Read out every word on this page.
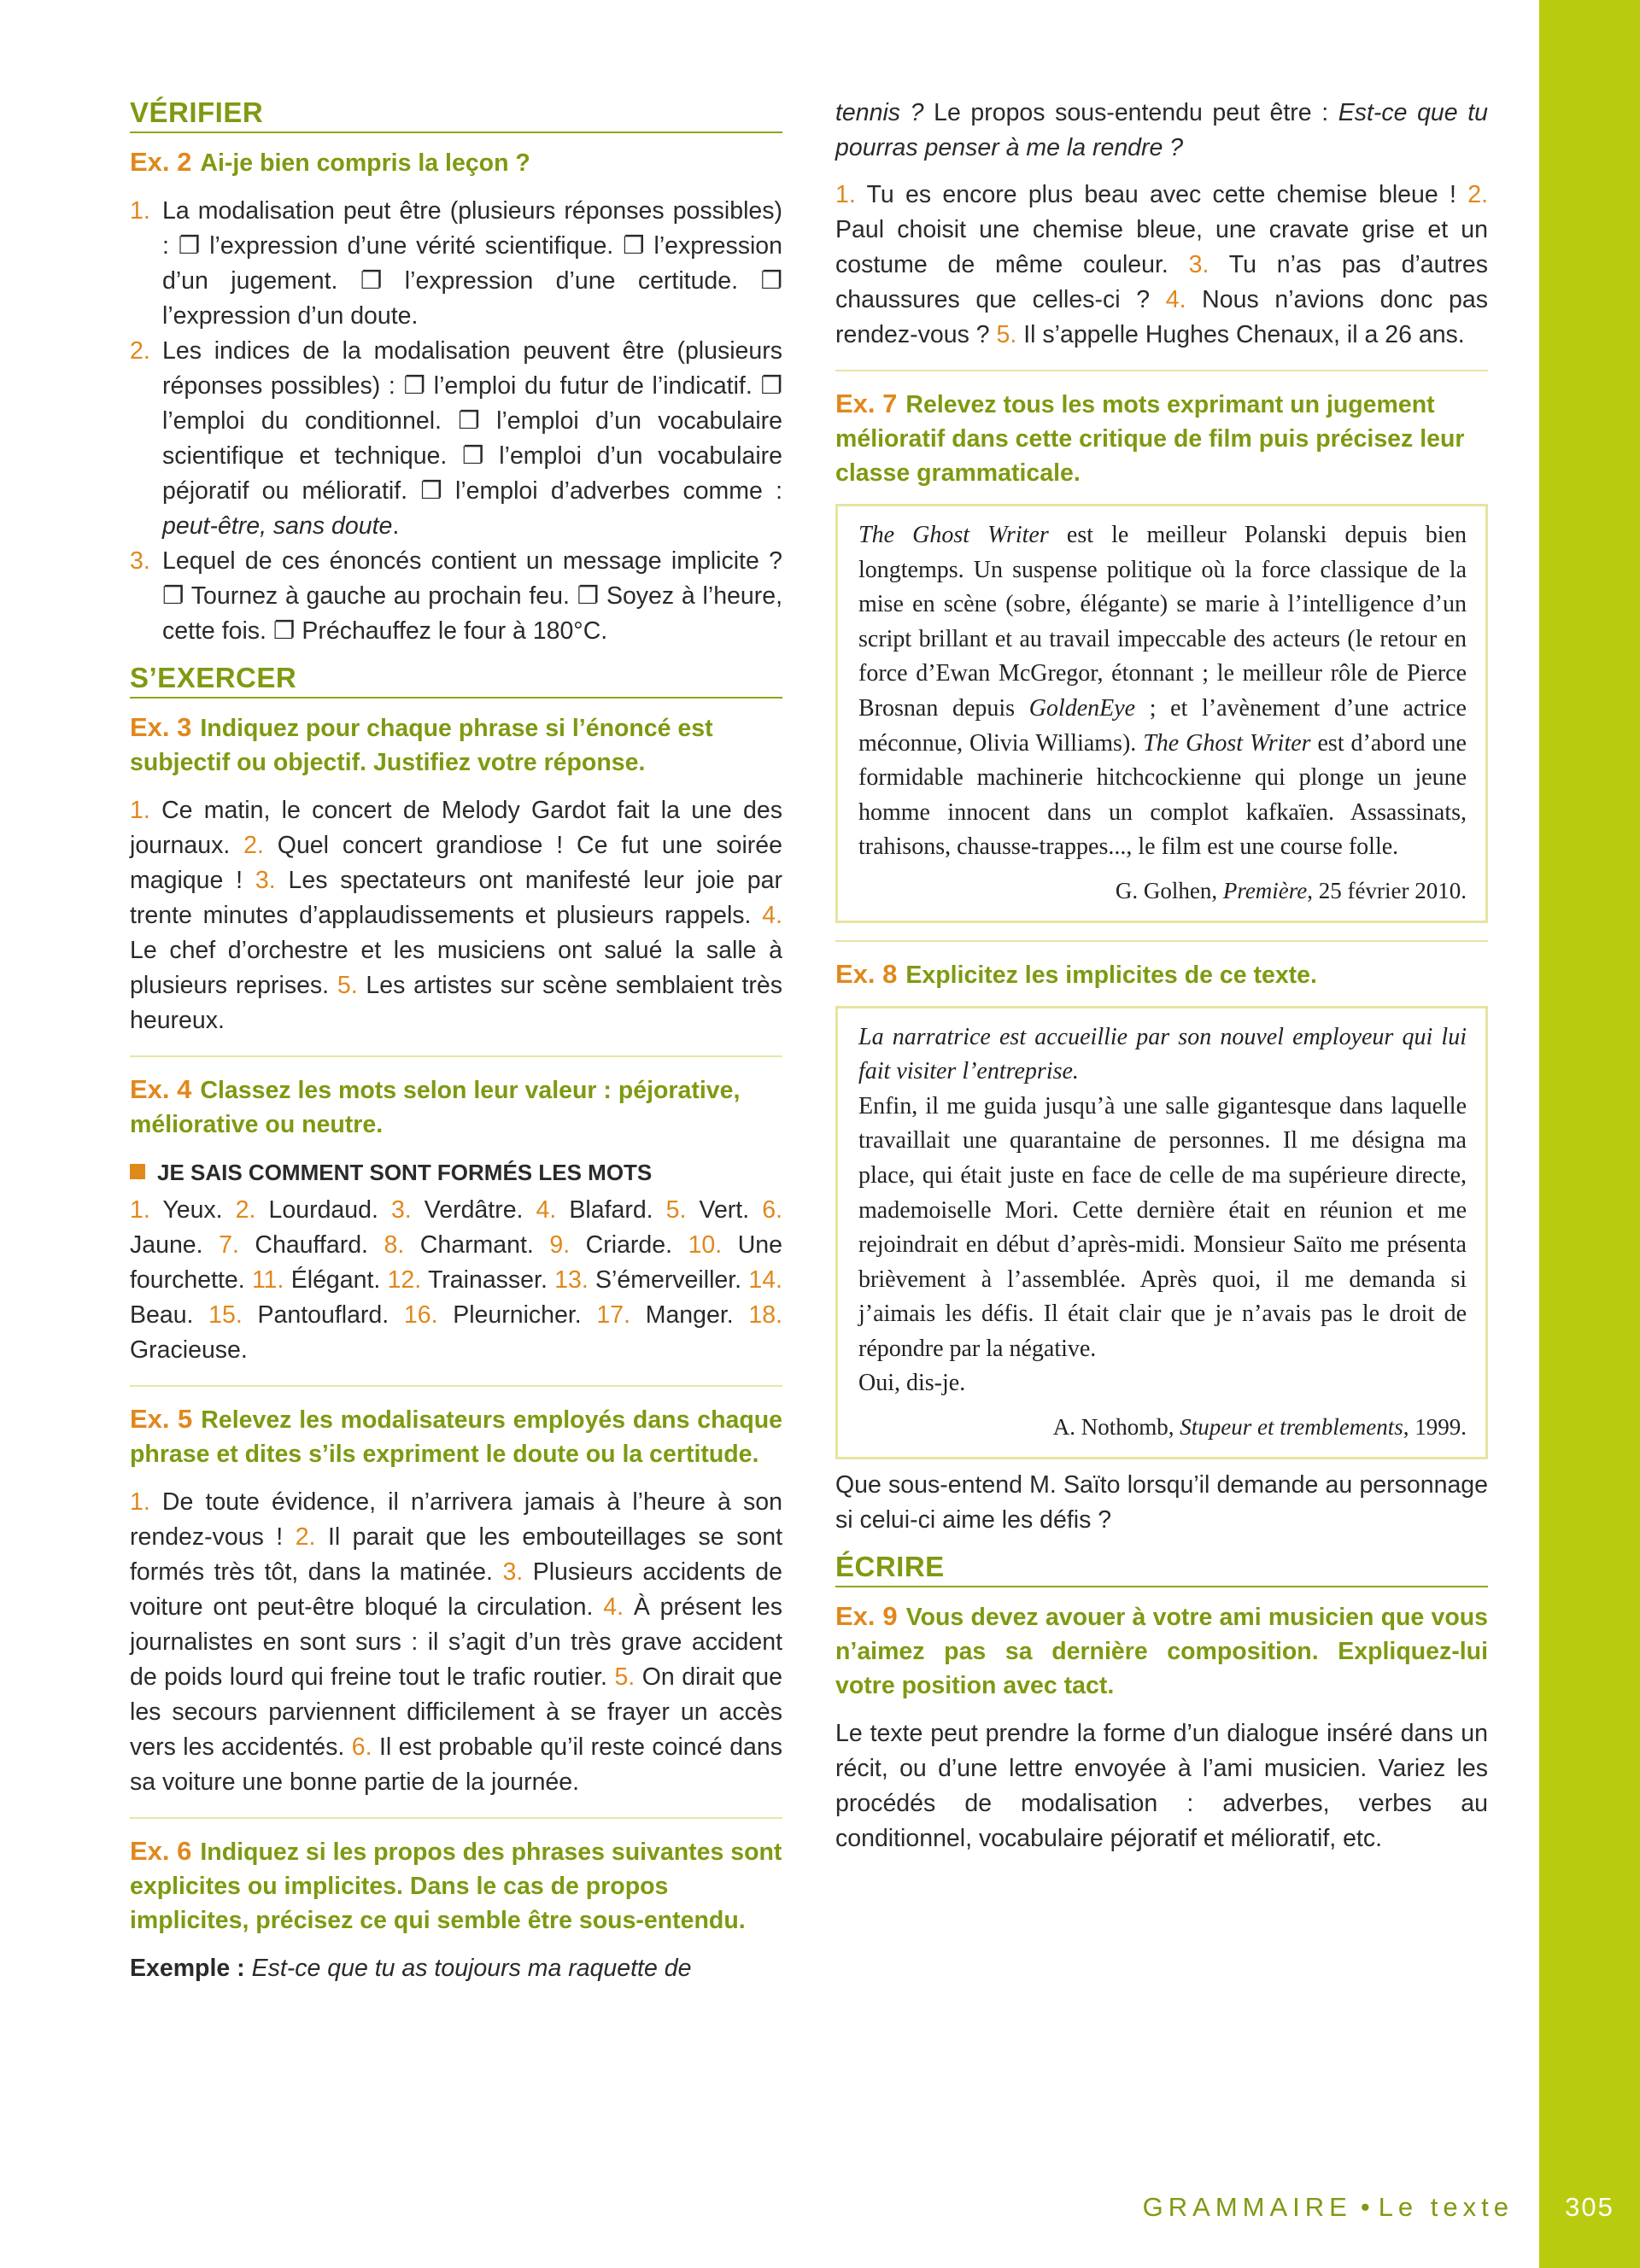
VÉRIFIER
Ex. 2 Ai-je bien compris la leçon ?
1. La modalisation peut être (plusieurs réponses possibles) : ❐ l’expression d’une vérité scientifique. ❐ l’expression d’un jugement. ❐ l’expression d’une certitude. ❐ l’expression d’un doute.
2. Les indices de la modalisation peuvent être (plusieurs réponses possibles) : ❐ l’emploi du futur de l’indicatif. ❐ l’emploi du conditionnel. ❐ l’emploi d’un vocabulaire scientifique et technique. ❐ l’emploi d’un vocabulaire péjoratif ou mélioratif. ❐ l’emploi d’adverbes comme : peut-être, sans doute.
3. Lequel de ces énoncés contient un message implicite ? ❐ Tournez à gauche au prochain feu. ❐ Soyez à l’heure, cette fois. ❐ Préchauffez le four à 180°C.
S’EXERCER
Ex. 3 Indiquez pour chaque phrase si l’énoncé est subjectif ou objectif. Justifiez votre réponse.

1. Ce matin, le concert de Melody Gardot fait la une des journaux. 2. Quel concert grandiose ! Ce fut une soirée magique ! 3. Les spectateurs ont manifesté leur joie par trente minutes d’applaudissements et plusieurs rappels. 4. Le chef d’orchestre et les musiciens ont salué la salle à plusieurs reprises. 5. Les artistes sur scène semblaient très heureux.

Ex. 4 Classez les mots selon leur valeur : péjorative, méliorative ou neutre.
JE SAIS COMMENT SONT FORMÉS LES MOTS

1. Yeux. 2. Lourdaud. 3. Verdâtre. 4. Blafard. 5. Vert. 6. Jaune. 7. Chauffard. 8. Charmant. 9. Criarde. 10. Une fourchette. 11. Élégant. 12. Trainasser. 13. S’émerveiller. 14. Beau. 15. Pantouflard. 16. Pleurnicher. 17. Manger. 18. Gracieuse.

Ex. 5 Relevez les modalisateurs employés dans chaque phrase et dites s’ils expriment le doute ou la certitude.

1. De toute évidence, il n’arrivera jamais à l’heure à son rendez-vous ! 2. Il parait que les embouteillages se sont formés très tôt, dans la matinée. 3. Plusieurs accidents de voiture ont peut-être bloqué la circulation. 4. À présent les journalistes en sont surs : il s’agit d’un très grave accident de poids lourd qui freine tout le trafic routier. 5. On dirait que les secours parviennent difficilement à se frayer un accès vers les accidentés. 6. Il est probable qu’il reste coincé dans sa voiture une bonne partie de la journée.

Ex. 6 Indiquez si les propos des phrases suivantes sont explicites ou implicites. Dans le cas de propos implicites, précisez ce qui semble être sous-entendu.

Exemple : Est-ce que tu as toujours ma raquette de

tennis ? Le propos sous-entendu peut être : Est-ce que tu pourras penser à me la rendre ?

1. Tu es encore plus beau avec cette chemise bleue ! 2. Paul choisit une chemise bleue, une cravate grise et un costume de même couleur. 3. Tu n’as pas d’autres chaussures que celles-ci ? 4. Nous n’avions donc pas rendez-vous ? 5. Il s’appelle Hughes Chenaux, il a 26 ans.

Ex. 7 Relevez tous les mots exprimant un jugement mélioratif dans cette critique de film puis précisez leur classe grammaticale.
The Ghost Writer est le meilleur Polanski depuis bien longtemps. Un suspense politique où la force classique de la mise en scène (sobre, élégante) se marie à l’intelligence d’un script brillant et au travail impeccable des acteurs (le retour en force d’Ewan McGregor, étonnant ; le meilleur rôle de Pierce Brosnan depuis GoldenEye ; et l’avènement d’une actrice méconnue, Olivia Williams). The Ghost Writer est d’abord une formidable machinerie hitchcockienne qui plonge un jeune homme innocent dans un complot kafkaïen. Assassinats, trahisons, chausse-trappes..., le film est une course folle.
G. Golhen, Première, 25 février 2010.
Ex. 8 Explicitez les implicites de ce texte.
La narratrice est accueillie par son nouvel employeur qui lui fait visiter l’entreprise.
Enfin, il me guida jusqu’à une salle gigantesque dans laquelle travaillait une quarantaine de personnes. Il me désigna ma place, qui était juste en face de celle de ma supérieure directe, mademoiselle Mori. Cette dernière était en réunion et me rejoindrait en début d’après-midi. Monsieur Saïto me présenta brièvement à l’assemblée. Après quoi, il me demanda si j’aimais les défis. Il était clair que je n’avais pas le droit de répondre par la négative.
Oui, dis-je.
A. Nothomb, Stupeur et tremblements, 1999.

Que sous-entend M. Saïto lorsqu’il demande au personnage si celui-ci aime les défis ?

ÉCRIRE
Ex. 9 Vous devez avouer à votre ami musicien que vous n’aimez pas sa dernière composition. Expliquez-lui votre position avec tact.

Le texte peut prendre la forme d’un dialogue inséré dans un récit, ou d’une lettre envoyée à l’ami musicien. Variez les procédés de modalisation : adverbes, verbes au conditionnel, vocabulaire péjoratif et mélioratif, etc.

GRAMMAIRE • Le texte	305
